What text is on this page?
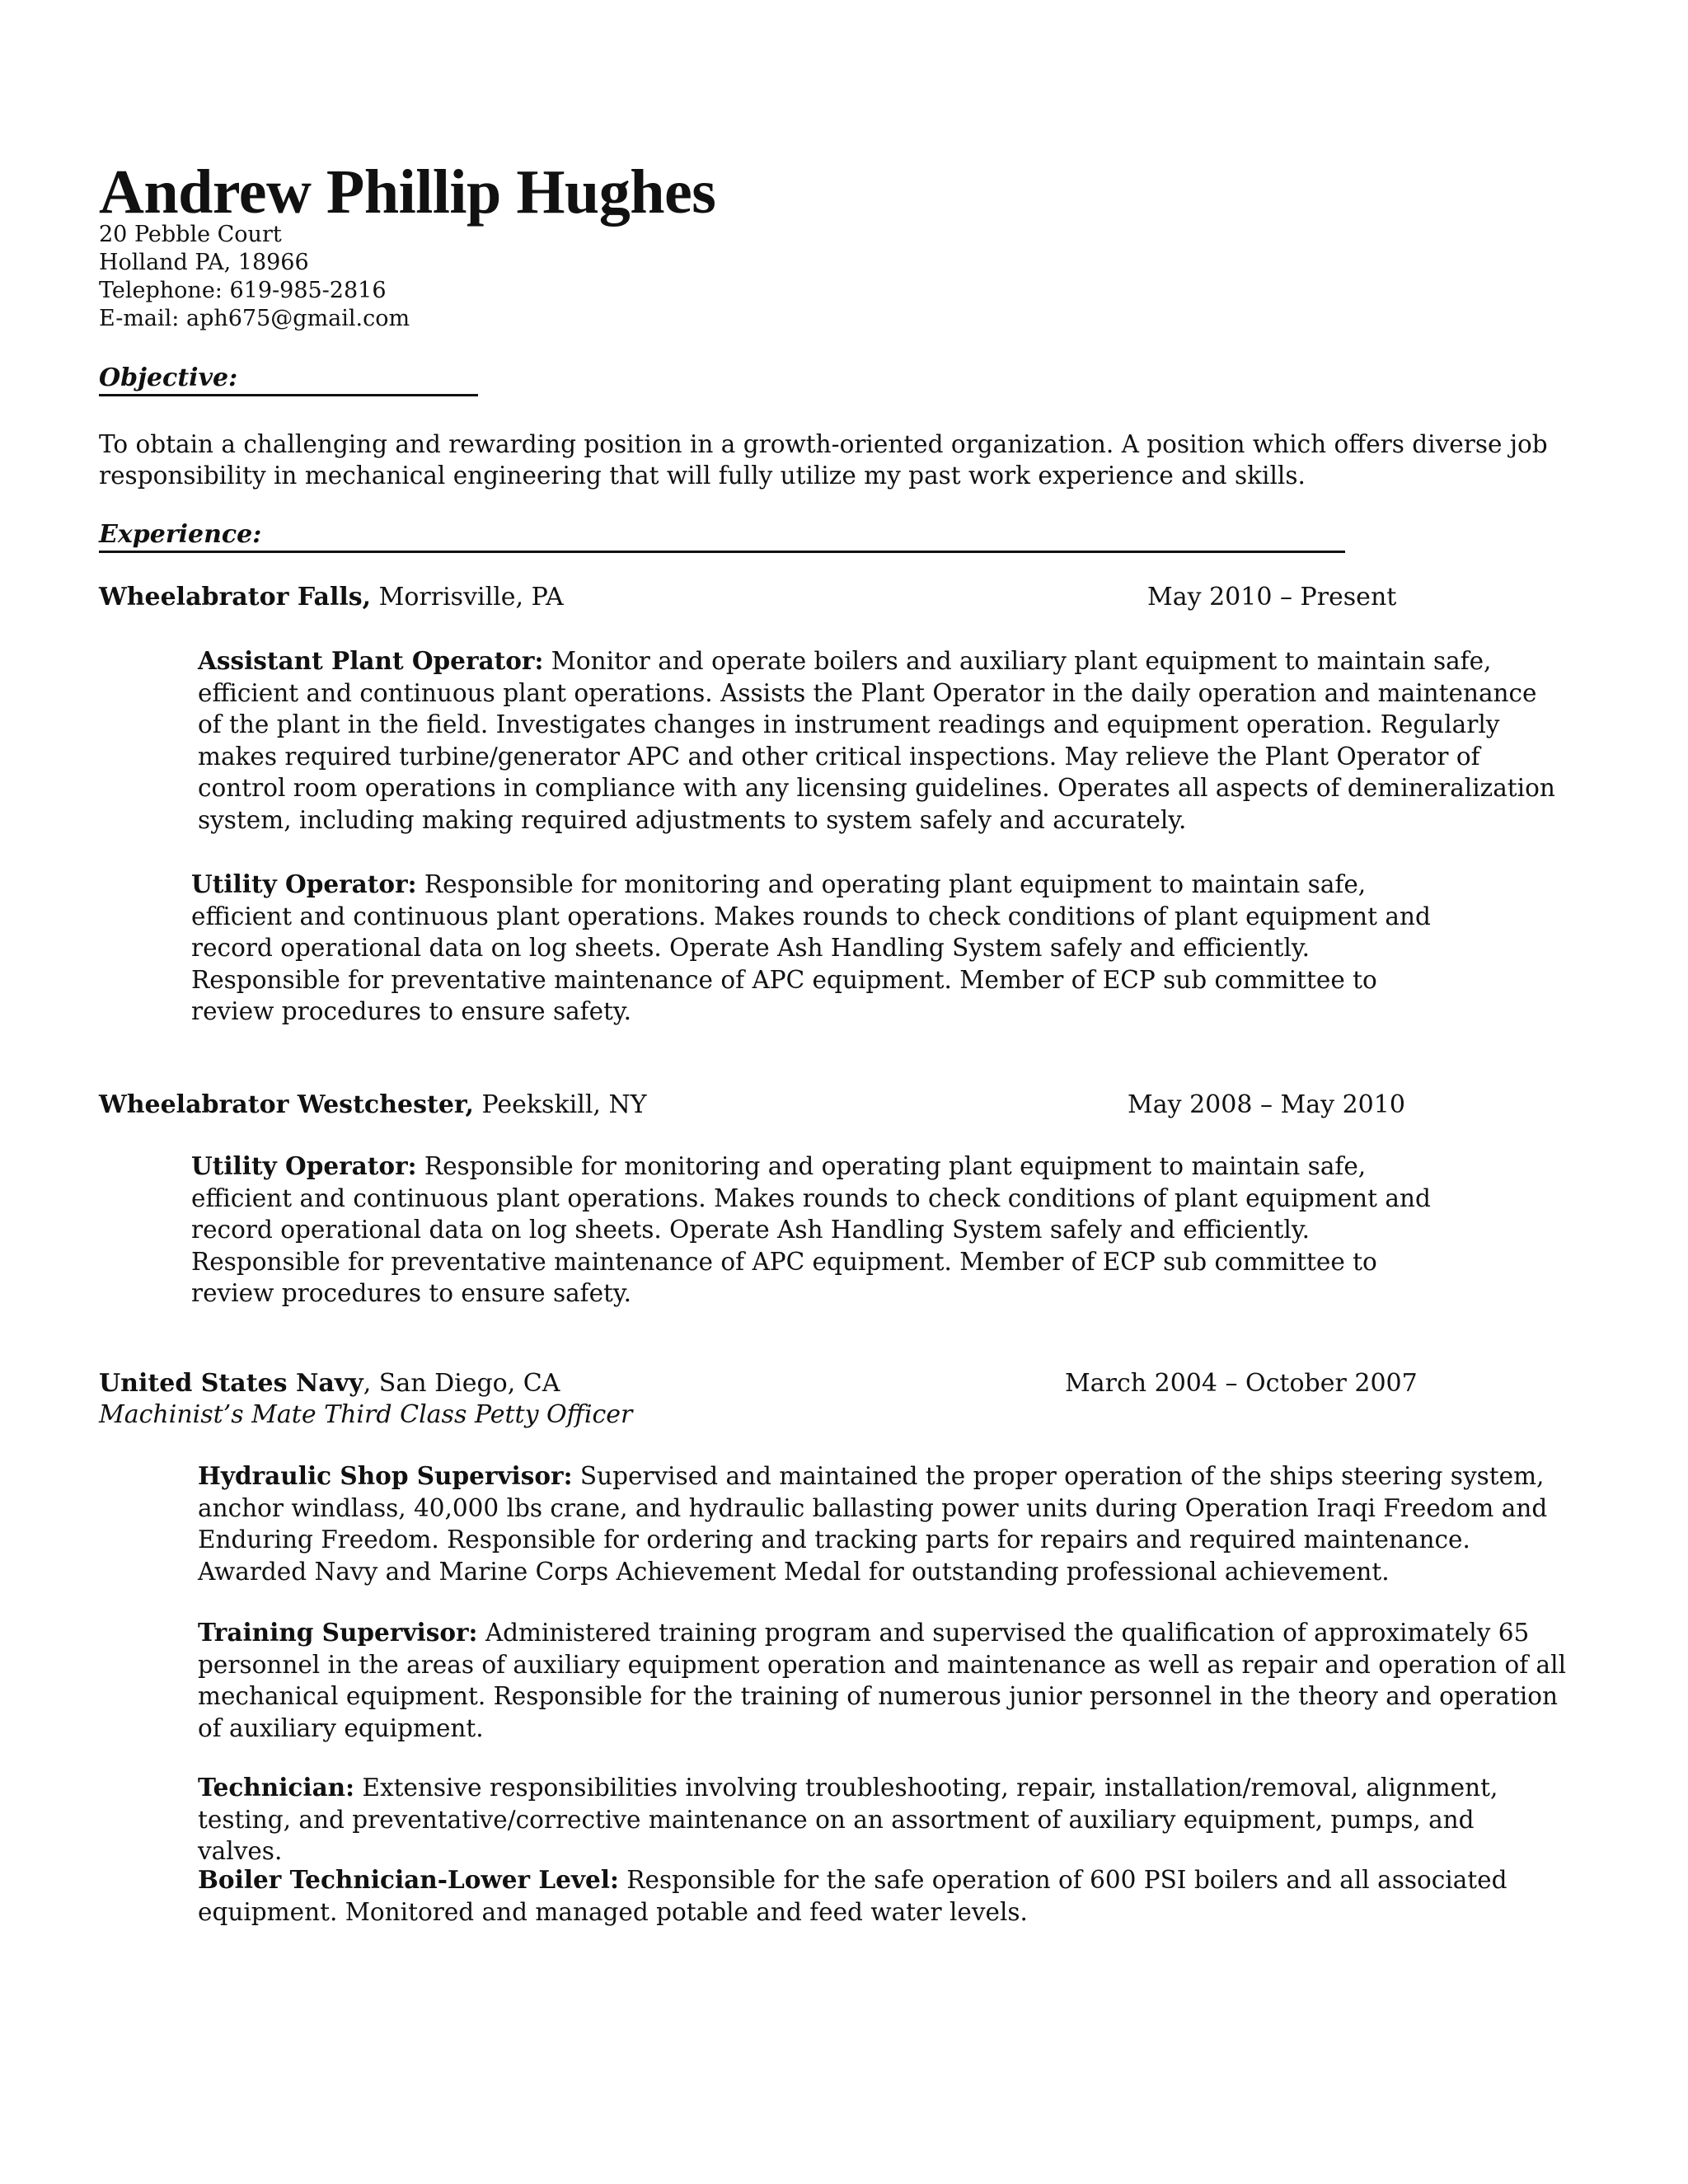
Andrew Phillip Hughes
20 Pebble Court
Holland PA, 18966
Telephone: 619-985-2816
E-mail: aph675@gmail.com
Objective:
To obtain a challenging and rewarding position in a growth-oriented organization. A position which offers diverse job responsibility in mechanical engineering that will fully utilize my past work experience and skills.
Experience:
Wheelabrator Falls, Morrisville, PA	May 2010 – Present
Assistant Plant Operator: Monitor and operate boilers and auxiliary plant equipment to maintain safe, efficient and continuous plant operations. Assists the Plant Operator in the daily operation and maintenance of the plant in the field. Investigates changes in instrument readings and equipment operation. Regularly makes required turbine/generator APC and other critical inspections. May relieve the Plant Operator of control room operations in compliance with any licensing guidelines. Operates all aspects of demineralization system, including making required adjustments to system safely and accurately.
Utility Operator: Responsible for monitoring and operating plant equipment to maintain safe, efficient and continuous plant operations. Makes rounds to check conditions of plant equipment and record operational data on log sheets. Operate Ash Handling System safely and efficiently. Responsible for preventative maintenance of APC equipment. Member of ECP sub committee to review procedures to ensure safety.
Wheelabrator Westchester, Peekskill, NY	May 2008 – May 2010
Utility Operator: Responsible for monitoring and operating plant equipment to maintain safe, efficient and continuous plant operations. Makes rounds to check conditions of plant equipment and record operational data on log sheets. Operate Ash Handling System safely and efficiently. Responsible for preventative maintenance of APC equipment. Member of ECP sub committee to review procedures to ensure safety.
United States Navy, San Diego, CA	March 2004 – October 2007
Machinist’s Mate Third Class Petty Officer
Hydraulic Shop Supervisor: Supervised and maintained the proper operation of the ships steering system, anchor windlass, 40,000 lbs crane, and hydraulic ballasting power units during Operation Iraqi Freedom and Enduring Freedom. Responsible for ordering and tracking parts for repairs and required maintenance. Awarded Navy and Marine Corps Achievement Medal for outstanding professional achievement.
Training Supervisor: Administered training program and supervised the qualification of approximately 65 personnel in the areas of auxiliary equipment operation and maintenance as well as repair and operation of all mechanical equipment. Responsible for the training of numerous junior personnel in the theory and operation of auxiliary equipment.
Technician: Extensive responsibilities involving troubleshooting, repair, installation/removal, alignment, testing, and preventative/corrective maintenance on an assortment of auxiliary equipment, pumps, and valves.
Boiler Technician-Lower Level: Responsible for the safe operation of 600 PSI boilers and all associated equipment. Monitored and managed potable and feed water levels.
